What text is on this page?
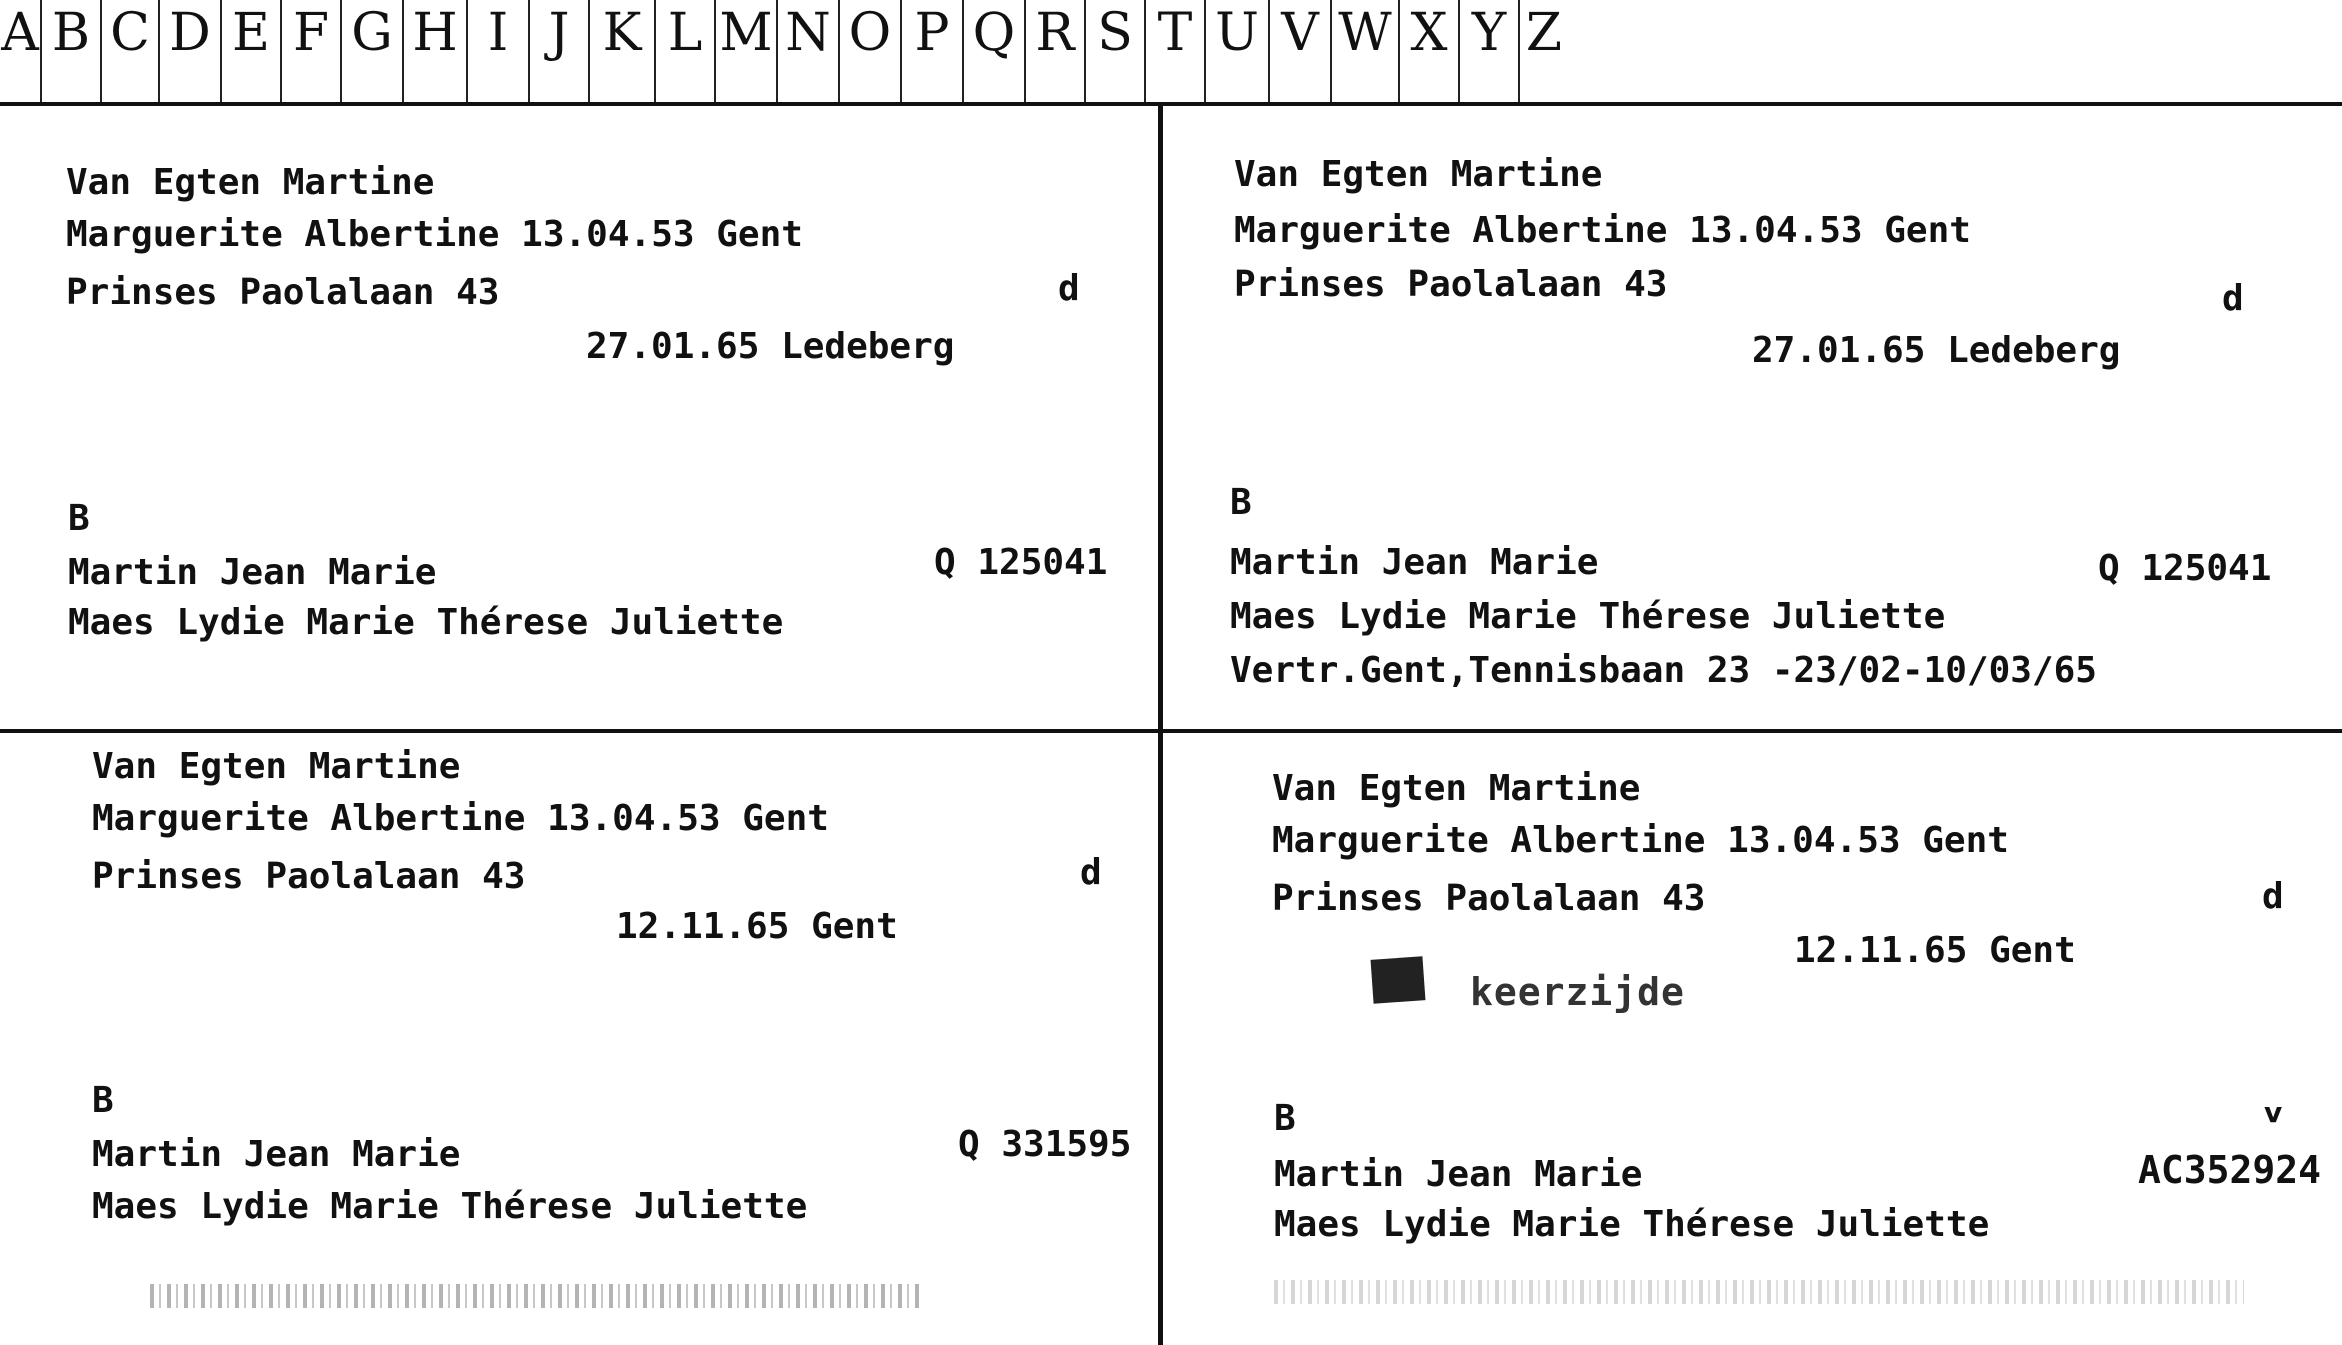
A B C D E F G H I J K L M N O P Q R S T U V W X Y Z
Van Egten Martine
Marguerite Albertine 13.04.53 Gent
Prinses Paolalaan 43	d
27.01.65 Ledeberg
B
Martin Jean Marie	Q 125041
Maes Lydie Marie Thérese Juliette
Van Egten Martine
Marguerite Albertine 13.04.53 Gent
Prinses Paolalaan 43	d
27.01.65 Ledeberg
B
Martin Jean Marie	Q 125041
Maes Lydie Marie Thérese Juliette
Vertr.Gent,Tennisbaan 23 -23/02-10/03/65
Van Egten Martine
Marguerite Albertine 13.04.53 Gent
Prinses Paolalaan 43	d
12.11.65 Gent
B
Martin Jean Marie	Q 331595
Maes Lydie Marie Thérese Juliette
Van Egten Martine
Marguerite Albertine 13.04.53 Gent
Prinses Paolalaan 43	d
12.11.65 Gent
keerzijde
B	v
Martin Jean Marie	AC352924
Maes Lydie Marie Thérese Juliette
